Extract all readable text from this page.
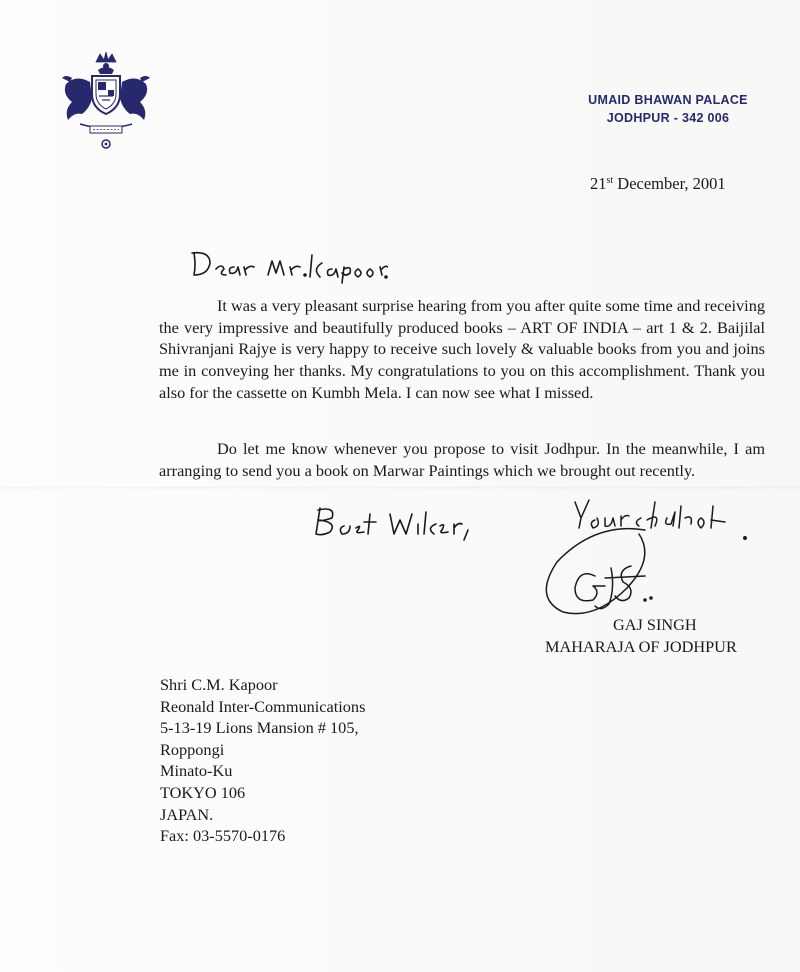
UMAID BHAWAN PALACE
JODHPUR - 342 006
21st December, 2001

It was a very pleasant surprise hearing from you after quite some time and receiving the very impressive and beautifully produced books – ART OF INDIA – art 1 & 2. Baijilal Shivranjani Rajye is very happy to receive such lovely & valuable books from you and joins me in conveying her thanks. My congratulations to you on this accomplishment. Thank you also for the cassette on Kumbh Mela. I can now see what I missed.

Do let me know whenever you propose to visit Jodhpur. In the meanwhile, I am arranging to send you a book on Marwar Paintings which we brought out recently.

GAJ SINGH
MAHARAJA OF JODHPUR
Shri C.M. Kapoor
Reonald Inter-Communications
5-13-19 Lions Mansion # 105,
Roppongi
Minato-Ku
TOKYO 106
JAPAN.
Fax: 03-5570-0176
